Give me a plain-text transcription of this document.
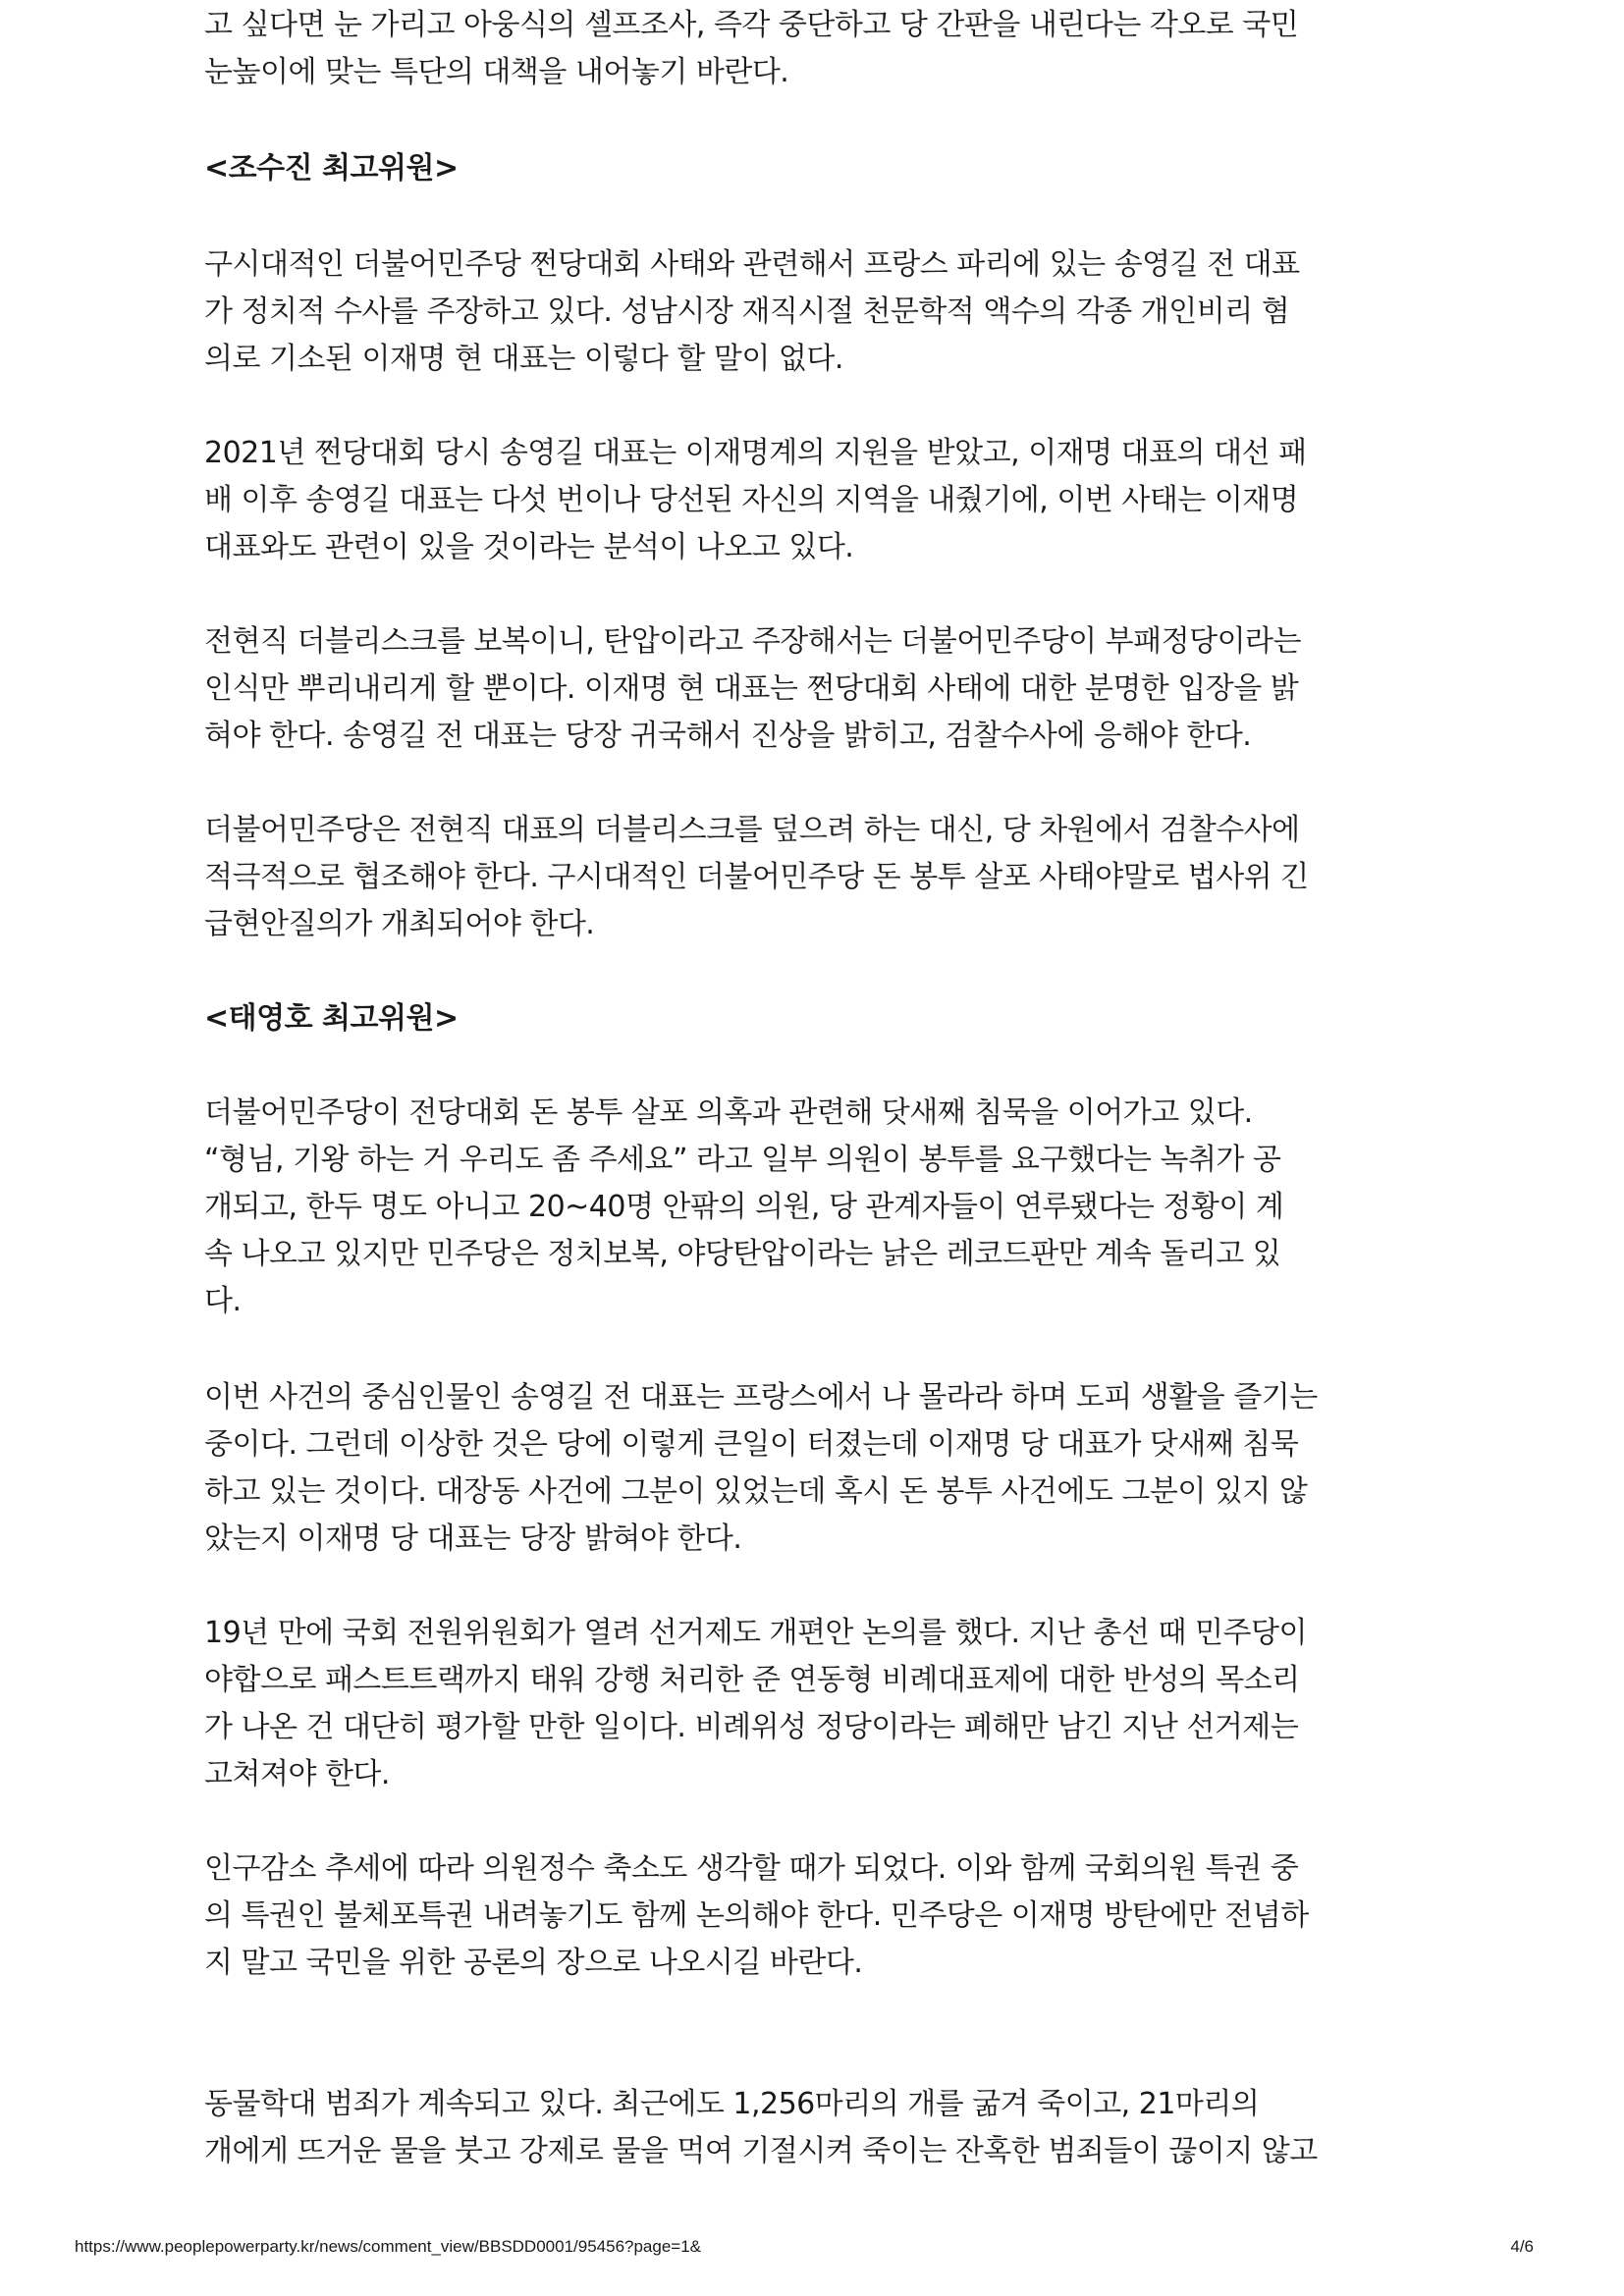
고 싶다면 눈 가리고 아웅식의 셀프조사, 즉각 중단하고 당 간판을 내린다는 각오로 국민
눈높이에 맞는 특단의 대책을 내어놓기 바란다.

<조수진 최고위원>

구시대적인 더불어민주당 쩐당대회 사태와 관련해서 프랑스 파리에 있는 송영길 전 대표
가 정치적 수사를 주장하고 있다. 성남시장 재직시절 천문학적 액수의 각종 개인비리 혐
의로 기소된 이재명 현 대표는 이렇다 할 말이 없다.

2021년 쩐당대회 당시 송영길 대표는 이재명계의 지원을 받았고, 이재명 대표의 대선 패
배 이후 송영길 대표는 다섯 번이나 당선된 자신의 지역을 내줬기에, 이번 사태는 이재명
대표와도 관련이 있을 것이라는 분석이 나오고 있다.

전현직 더블리스크를 보복이니, 탄압이라고 주장해서는 더불어민주당이 부패정당이라는
인식만 뿌리내리게 할 뿐이다. 이재명 현 대표는 쩐당대회 사태에 대한 분명한 입장을 밝
혀야 한다. 송영길 전 대표는 당장 귀국해서 진상을 밝히고, 검찰수사에 응해야 한다.

더불어민주당은 전현직 대표의 더블리스크를 덮으려 하는 대신, 당 차원에서 검찰수사에
적극적으로 협조해야 한다. 구시대적인 더불어민주당 돈 봉투 살포 사태야말로 법사위 긴
급현안질의가 개최되어야 한다.

<태영호 최고위원>

더불어민주당이 전당대회 돈 봉투 살포 의혹과 관련해 닷새째 침묵을 이어가고 있다.
“형님, 기왕 하는 거 우리도 좀 주세요” 라고 일부 의원이 봉투를 요구했다는 녹취가 공
개되고, 한두 명도 아니고 20~40명 안팎의 의원, 당 관계자들이 연루됐다는 정황이 계
속 나오고 있지만 민주당은 정치보복, 야당탄압이라는 낡은 레코드판만 계속 돌리고 있
다.

이번 사건의 중심인물인 송영길 전 대표는 프랑스에서 나 몰라라 하며 도피 생활을 즐기는
중이다. 그런데 이상한 것은 당에 이렇게 큰일이 터졌는데 이재명 당 대표가 닷새째 침묵
하고 있는 것이다. 대장동 사건에 그분이 있었는데 혹시 돈 봉투 사건에도 그분이 있지 않
았는지 이재명 당 대표는 당장 밝혀야 한다.

19년 만에 국회 전원위원회가 열려 선거제도 개편안 논의를 했다. 지난 총선 때 민주당이
야합으로 패스트트랙까지 태워 강행 처리한 준 연동형 비례대표제에 대한 반성의 목소리
가 나온 건 대단히 평가할 만한 일이다. 비례위성 정당이라는 폐해만 남긴 지난 선거제는
고쳐져야 한다.

인구감소 추세에 따라 의원정수 축소도 생각할 때가 되었다. 이와 함께 국회의원 특권 중
의 특권인 불체포특권 내려놓기도 함께 논의해야 한다. 민주당은 이재명 방탄에만 전념하
지 말고 국민을 위한 공론의 장으로 나오시길 바란다.

동물학대 범죄가 계속되고 있다. 최근에도 1,256마리의 개를 굶겨 죽이고, 21마리의
개에게 뜨거운 물을 붓고 강제로 물을 먹여 기절시켜 죽이는 잔혹한 범죄들이 끊이지 않고

https://www.peoplepowerparty.kr/news/comment_view/BBSDD0001/95456?page=1&	4/6
